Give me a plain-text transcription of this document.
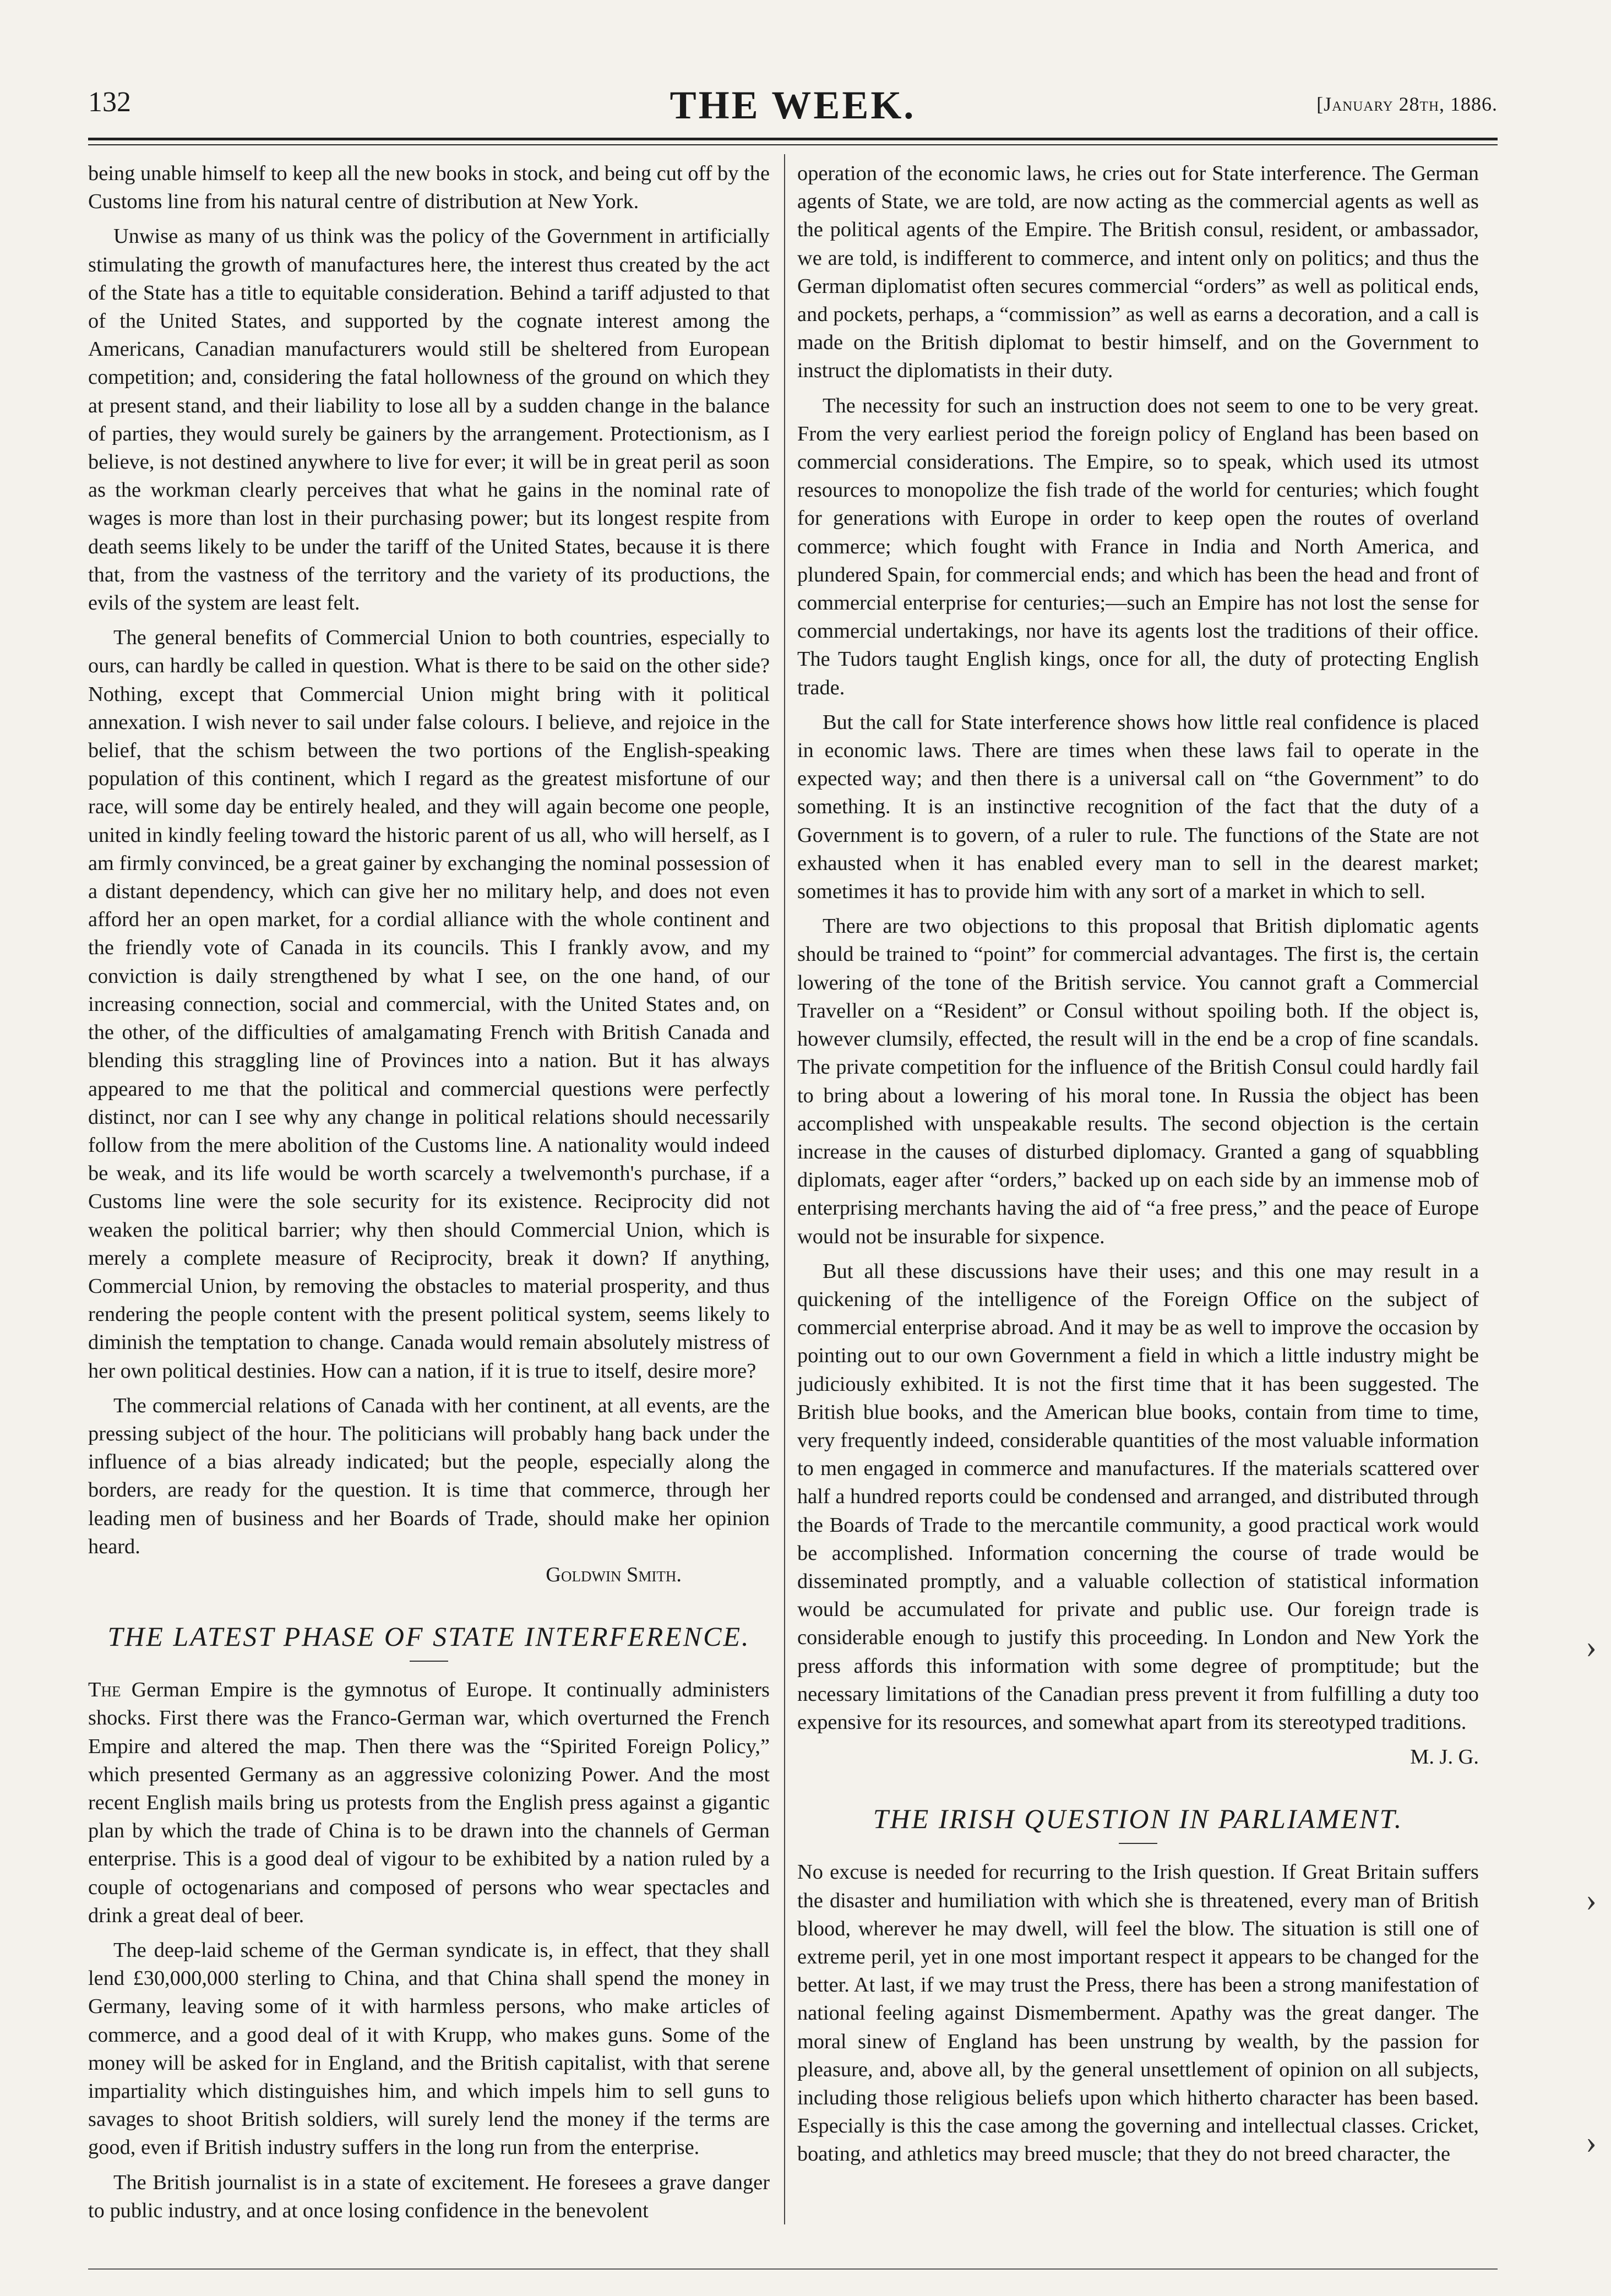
132	THE WEEK.	[January 28th, 1886.

being unable himself to keep all the new books in stock, and being cut off by the Customs line from his natural centre of distribution at New York.

Unwise as many of us think was the policy of the Government in artificially stimulating the growth of manufactures here, the interest thus created by the act of the State has a title to equitable consideration. Behind a tariff adjusted to that of the United States, and supported by the cognate interest among the Americans, Canadian manufacturers would still be sheltered from European competition; and, considering the fatal hollowness of the ground on which they at present stand, and their liability to lose all by a sudden change in the balance of parties, they would surely be gainers by the arrangement. Protectionism, as I believe, is not destined anywhere to live for ever; it will be in great peril as soon as the workman clearly perceives that what he gains in the nominal rate of wages is more than lost in their purchasing power; but its longest respite from death seems likely to be under the tariff of the United States, because it is there that, from the vastness of the territory and the variety of its productions, the evils of the system are least felt.

The general benefits of Commercial Union to both countries, especially to ours, can hardly be called in question. What is there to be said on the other side? Nothing, except that Commercial Union might bring with it political annexation. I wish never to sail under false colours. I believe, and rejoice in the belief, that the schism between the two portions of the English-speaking population of this continent, which I regard as the greatest misfortune of our race, will some day be entirely healed, and they will again become one people, united in kindly feeling toward the historic parent of us all, who will herself, as I am firmly convinced, be a great gainer by exchanging the nominal possession of a distant dependency, which can give her no military help, and does not even afford her an open market, for a cordial alliance with the whole continent and the friendly vote of Canada in its councils. This I frankly avow, and my conviction is daily strengthened by what I see, on the one hand, of our increasing connection, social and commercial, with the United States and, on the other, of the difficulties of amalgamating French with British Canada and blending this straggling line of Provinces into a nation. But it has always appeared to me that the political and commercial questions were perfectly distinct, nor can I see why any change in political relations should necessarily follow from the mere abolition of the Customs line. A nationality would indeed be weak, and its life would be worth scarcely a twelvemonth's purchase, if a Customs line were the sole security for its existence. Reciprocity did not weaken the political barrier; why then should Commercial Union, which is merely a complete measure of Reciprocity, break it down? If anything, Commercial Union, by removing the obstacles to material prosperity, and thus rendering the people content with the present political system, seems likely to diminish the temptation to change. Canada would remain absolutely mistress of her own political destinies. How can a nation, if it is true to itself, desire more?

The commercial relations of Canada with her continent, at all events, are the pressing subject of the hour. The politicians will probably hang back under the influence of a bias already indicated; but the people, especially along the borders, are ready for the question. It is time that commerce, through her leading men of business and her Boards of Trade, should make her opinion heard.

Goldwin Smith.
THE LATEST PHASE OF STATE INTERFERENCE.

The German Empire is the gymnotus of Europe. It continually administers shocks. First there was the Franco-German war, which overturned the French Empire and altered the map. Then there was the “Spirited Foreign Policy,” which presented Germany as an aggressive colonizing Power. And the most recent English mails bring us protests from the English press against a gigantic plan by which the trade of China is to be drawn into the channels of German enterprise. This is a good deal of vigour to be exhibited by a nation ruled by a couple of octogenarians and composed of persons who wear spectacles and drink a great deal of beer.

The deep-laid scheme of the German syndicate is, in effect, that they shall lend £30,000,000 sterling to China, and that China shall spend the money in Germany, leaving some of it with harmless persons, who make articles of commerce, and a good deal of it with Krupp, who makes guns. Some of the money will be asked for in England, and the British capitalist, with that serene impartiality which distinguishes him, and which impels him to sell guns to savages to shoot British soldiers, will surely lend the money if the terms are good, even if British industry suffers in the long run from the enterprise.

The British journalist is in a state of excitement. He foresees a grave danger to public industry, and at once losing confidence in the benevolent

operation of the economic laws, he cries out for State interference. The German agents of State, we are told, are now acting as the commercial agents as well as the political agents of the Empire. The British consul, resident, or ambassador, we are told, is indifferent to commerce, and intent only on politics; and thus the German diplomatist often secures commercial “orders” as well as political ends, and pockets, perhaps, a “commission” as well as earns a decoration, and a call is made on the British diplomat to bestir himself, and on the Government to instruct the diplomatists in their duty.

The necessity for such an instruction does not seem to one to be very great. From the very earliest period the foreign policy of England has been based on commercial considerations. The Empire, so to speak, which used its utmost resources to monopolize the fish trade of the world for centuries; which fought for generations with Europe in order to keep open the routes of overland commerce; which fought with France in India and North America, and plundered Spain, for commercial ends; and which has been the head and front of commercial enterprise for centuries;—such an Empire has not lost the sense for commercial undertakings, nor have its agents lost the traditions of their office. The Tudors taught English kings, once for all, the duty of protecting English trade.

But the call for State interference shows how little real confidence is placed in economic laws. There are times when these laws fail to operate in the expected way; and then there is a universal call on “the Government” to do something. It is an instinctive recognition of the fact that the duty of a Government is to govern, of a ruler to rule. The functions of the State are not exhausted when it has enabled every man to sell in the dearest market; sometimes it has to provide him with any sort of a market in which to sell.

There are two objections to this proposal that British diplomatic agents should be trained to “point” for commercial advantages. The first is, the certain lowering of the tone of the British service. You cannot graft a Commercial Traveller on a “Resident” or Consul without spoiling both. If the object is, however clumsily, effected, the result will in the end be a crop of fine scandals. The private competition for the influence of the British Consul could hardly fail to bring about a lowering of his moral tone. In Russia the object has been accomplished with unspeakable results. The second objection is the certain increase in the causes of disturbed diplomacy. Granted a gang of squabbling diplomats, eager after “orders,” backed up on each side by an immense mob of enterprising merchants having the aid of “a free press,” and the peace of Europe would not be insurable for sixpence.

But all these discussions have their uses; and this one may result in a quickening of the intelligence of the Foreign Office on the subject of commercial enterprise abroad. And it may be as well to improve the occasion by pointing out to our own Government a field in which a little industry might be judiciously exhibited. It is not the first time that it has been suggested. The British blue books, and the American blue books, contain from time to time, very frequently indeed, considerable quantities of the most valuable information to men engaged in commerce and manufactures. If the materials scattered over half a hundred reports could be condensed and arranged, and distributed through the Boards of Trade to the mercantile community, a good practical work would be accomplished. Information concerning the course of trade would be disseminated promptly, and a valuable collection of statistical information would be accumulated for private and public use. Our foreign trade is considerable enough to justify this proceeding. In London and New York the press affords this information with some degree of promptitude; but the necessary limitations of the Canadian press prevent it from fulfilling a duty too expensive for its resources, and somewhat apart from its stereotyped traditions.

M. J. G.
THE IRISH QUESTION IN PARLIAMENT.

No excuse is needed for recurring to the Irish question. If Great Britain suffers the disaster and humiliation with which she is threatened, every man of British blood, wherever he may dwell, will feel the blow. The situation is still one of extreme peril, yet in one most important respect it appears to be changed for the better. At last, if we may trust the Press, there has been a strong manifestation of national feeling against Dismemberment. Apathy was the great danger. The moral sinew of England has been unstrung by wealth, by the passion for pleasure, and, above all, by the general unsettlement of opinion on all subjects, including those religious beliefs upon which hitherto character has been based. Especially is this the case among the governing and intellectual classes. Cricket, boating, and athletics may breed muscle; that they do not breed character, the

›
›
›
